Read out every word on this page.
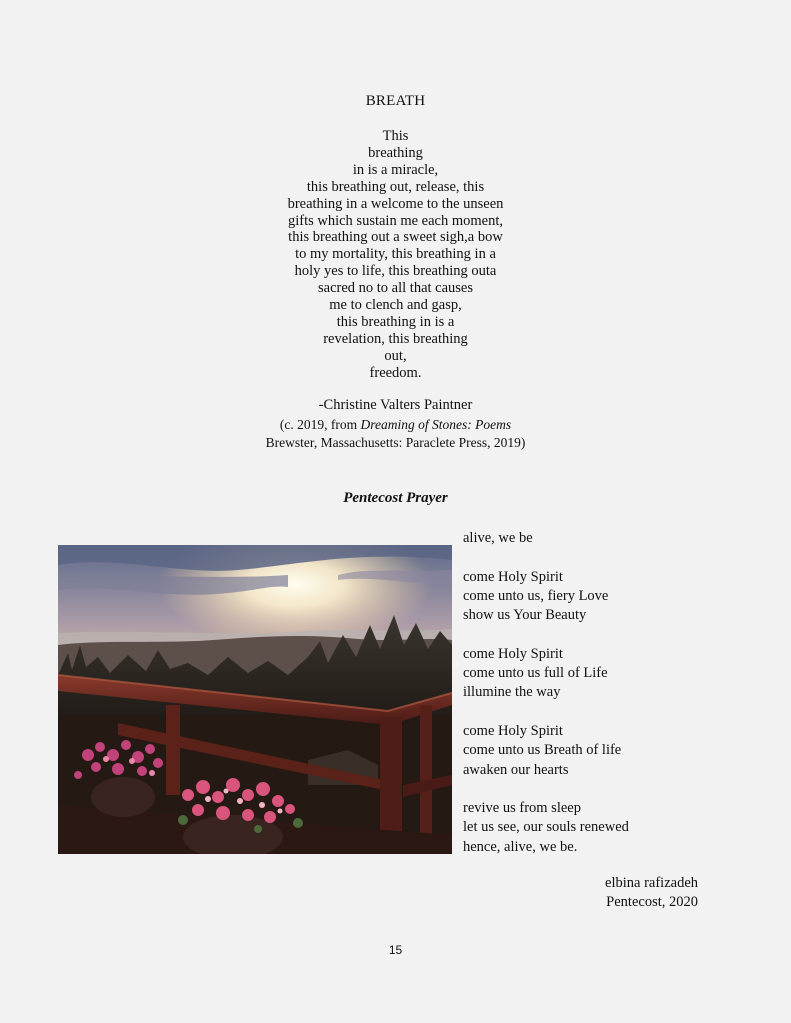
BREATH
This
breathing
in is a miracle,
this breathing out, release, this
breathing in a welcome to the unseen
gifts which sustain me each moment,
this breathing out a sweet sigh,a bow
to my mortality, this breathing in a
holy yes to life, this breathing outa
sacred no to all that causes
me to clench and gasp,
this breathing in is a
revelation, this breathing
out,
freedom.
-Christine Valters Paintner
(c. 2019, from Dreaming of Stones: Poems
Brewster, Massachusetts: Paraclete Press, 2019)
Pentecost Prayer
alive, we be
come Holy Spirit
come unto us, fiery Love
show us Your Beauty
come Holy Spirit
come unto us full of Life
illumine the way
come Holy Spirit
come unto us Breath of life
awaken our hearts
revive us from sleep
let us see, our souls renewed
hence, alive, we be.
elbina rafizadeh
Pentecost, 2020
15
